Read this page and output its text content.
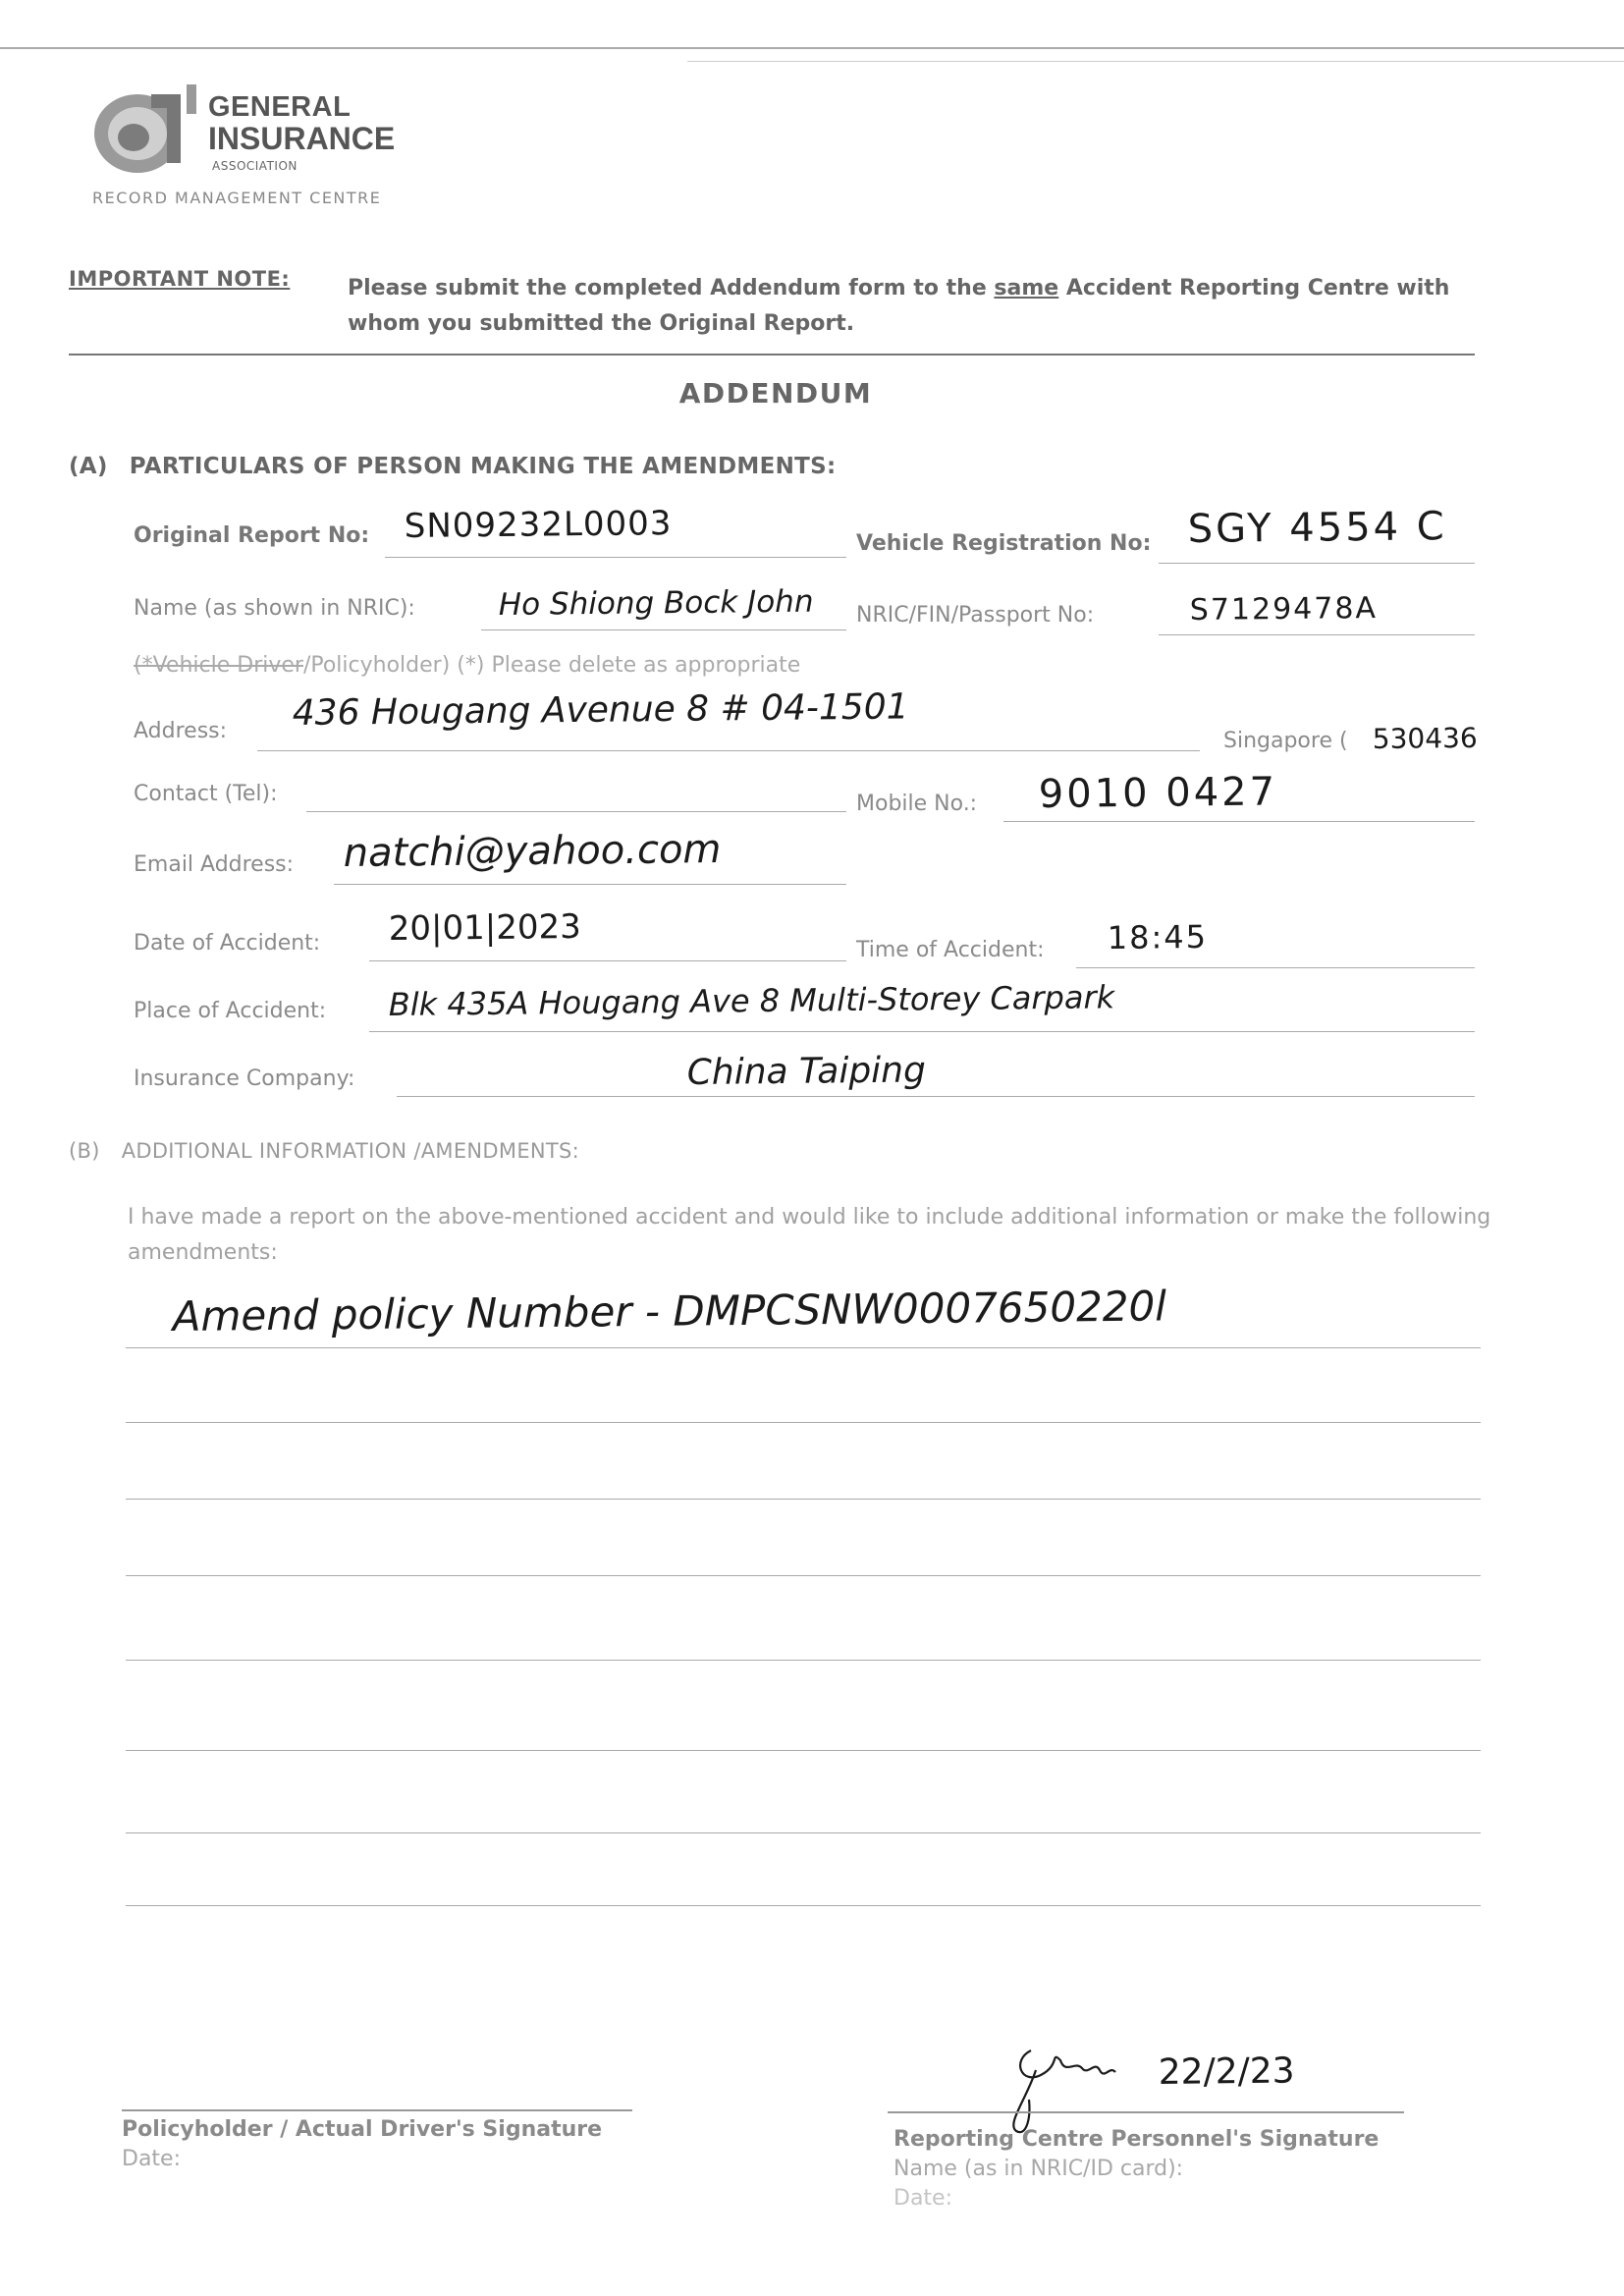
GENERAL
INSURANCE
ASSOCIATION
RECORD MANAGEMENT CENTRE
IMPORTANT NOTE:	Please submit the completed Addendum form to the same Accident Reporting Centre with whom you submitted the Original Report.
ADDENDUM
(A) PARTICULARS OF PERSON MAKING THE AMENDMENTS:
Original Report No: SN09232L0003	Vehicle Registration No: SGY 4554 C
Name (as shown in NRIC):	Ho Shiong Bock John NRIC/FIN/Passport No:	S7129478A
(*Vehicle Driver/Policyholder) (*) Please delete as appropriate
Address: 436 Hougang Avenue 8 # 04-1501
Singapore ( 530436
Contact (Tel):	Mobile No.: 9010 0427
Email Address: natchi@yahoo.com
Date of Accident: 20|01|2023
Time of Accident: 18:45
Place of Accident: Blk 435A Hougang Ave 8 Multi-Storey Carpark
Insurance Company:	China Taiping
(B) ADDITIONAL INFORMATION /AMENDMENTS:
I have made a report on the above-mentioned accident and would like to include additional information or make the following amendments:
Amend policy Number - DMPCSNW0007650220l
Policyholder / Actual Driver's Signature
Date:
22/2/23
Reporting Centre Personnel's Signature
Name (as in NRIC/ID card):
Date:
